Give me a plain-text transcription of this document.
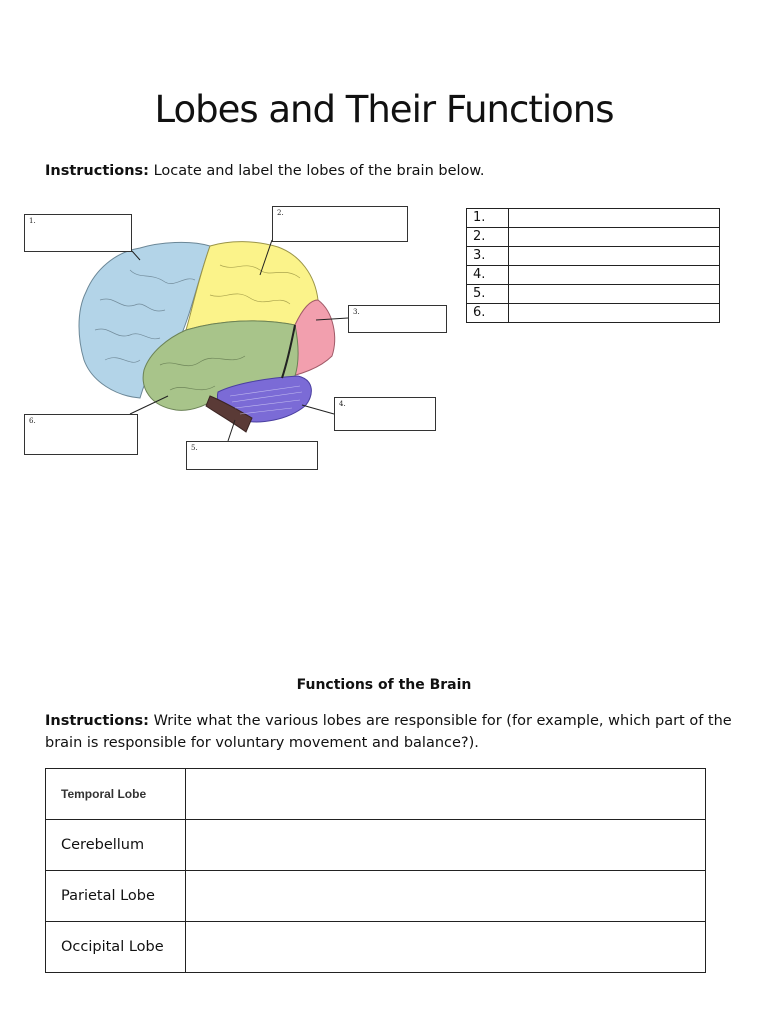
Lobes and Their Functions
Instructions: Locate and label the lobes of the brain below.
1.
2.
3.
4.
5.
6.
1.	
2.	
3.	
4.	
5.	
6.	
Functions of the Brain
Instructions: Write what the various lobes are responsible for (for example, which part of the brain is responsible for voluntary movement and balance?).
Temporal Lobe	
Cerebellum	
Parietal Lobe	
Occipital Lobe	
